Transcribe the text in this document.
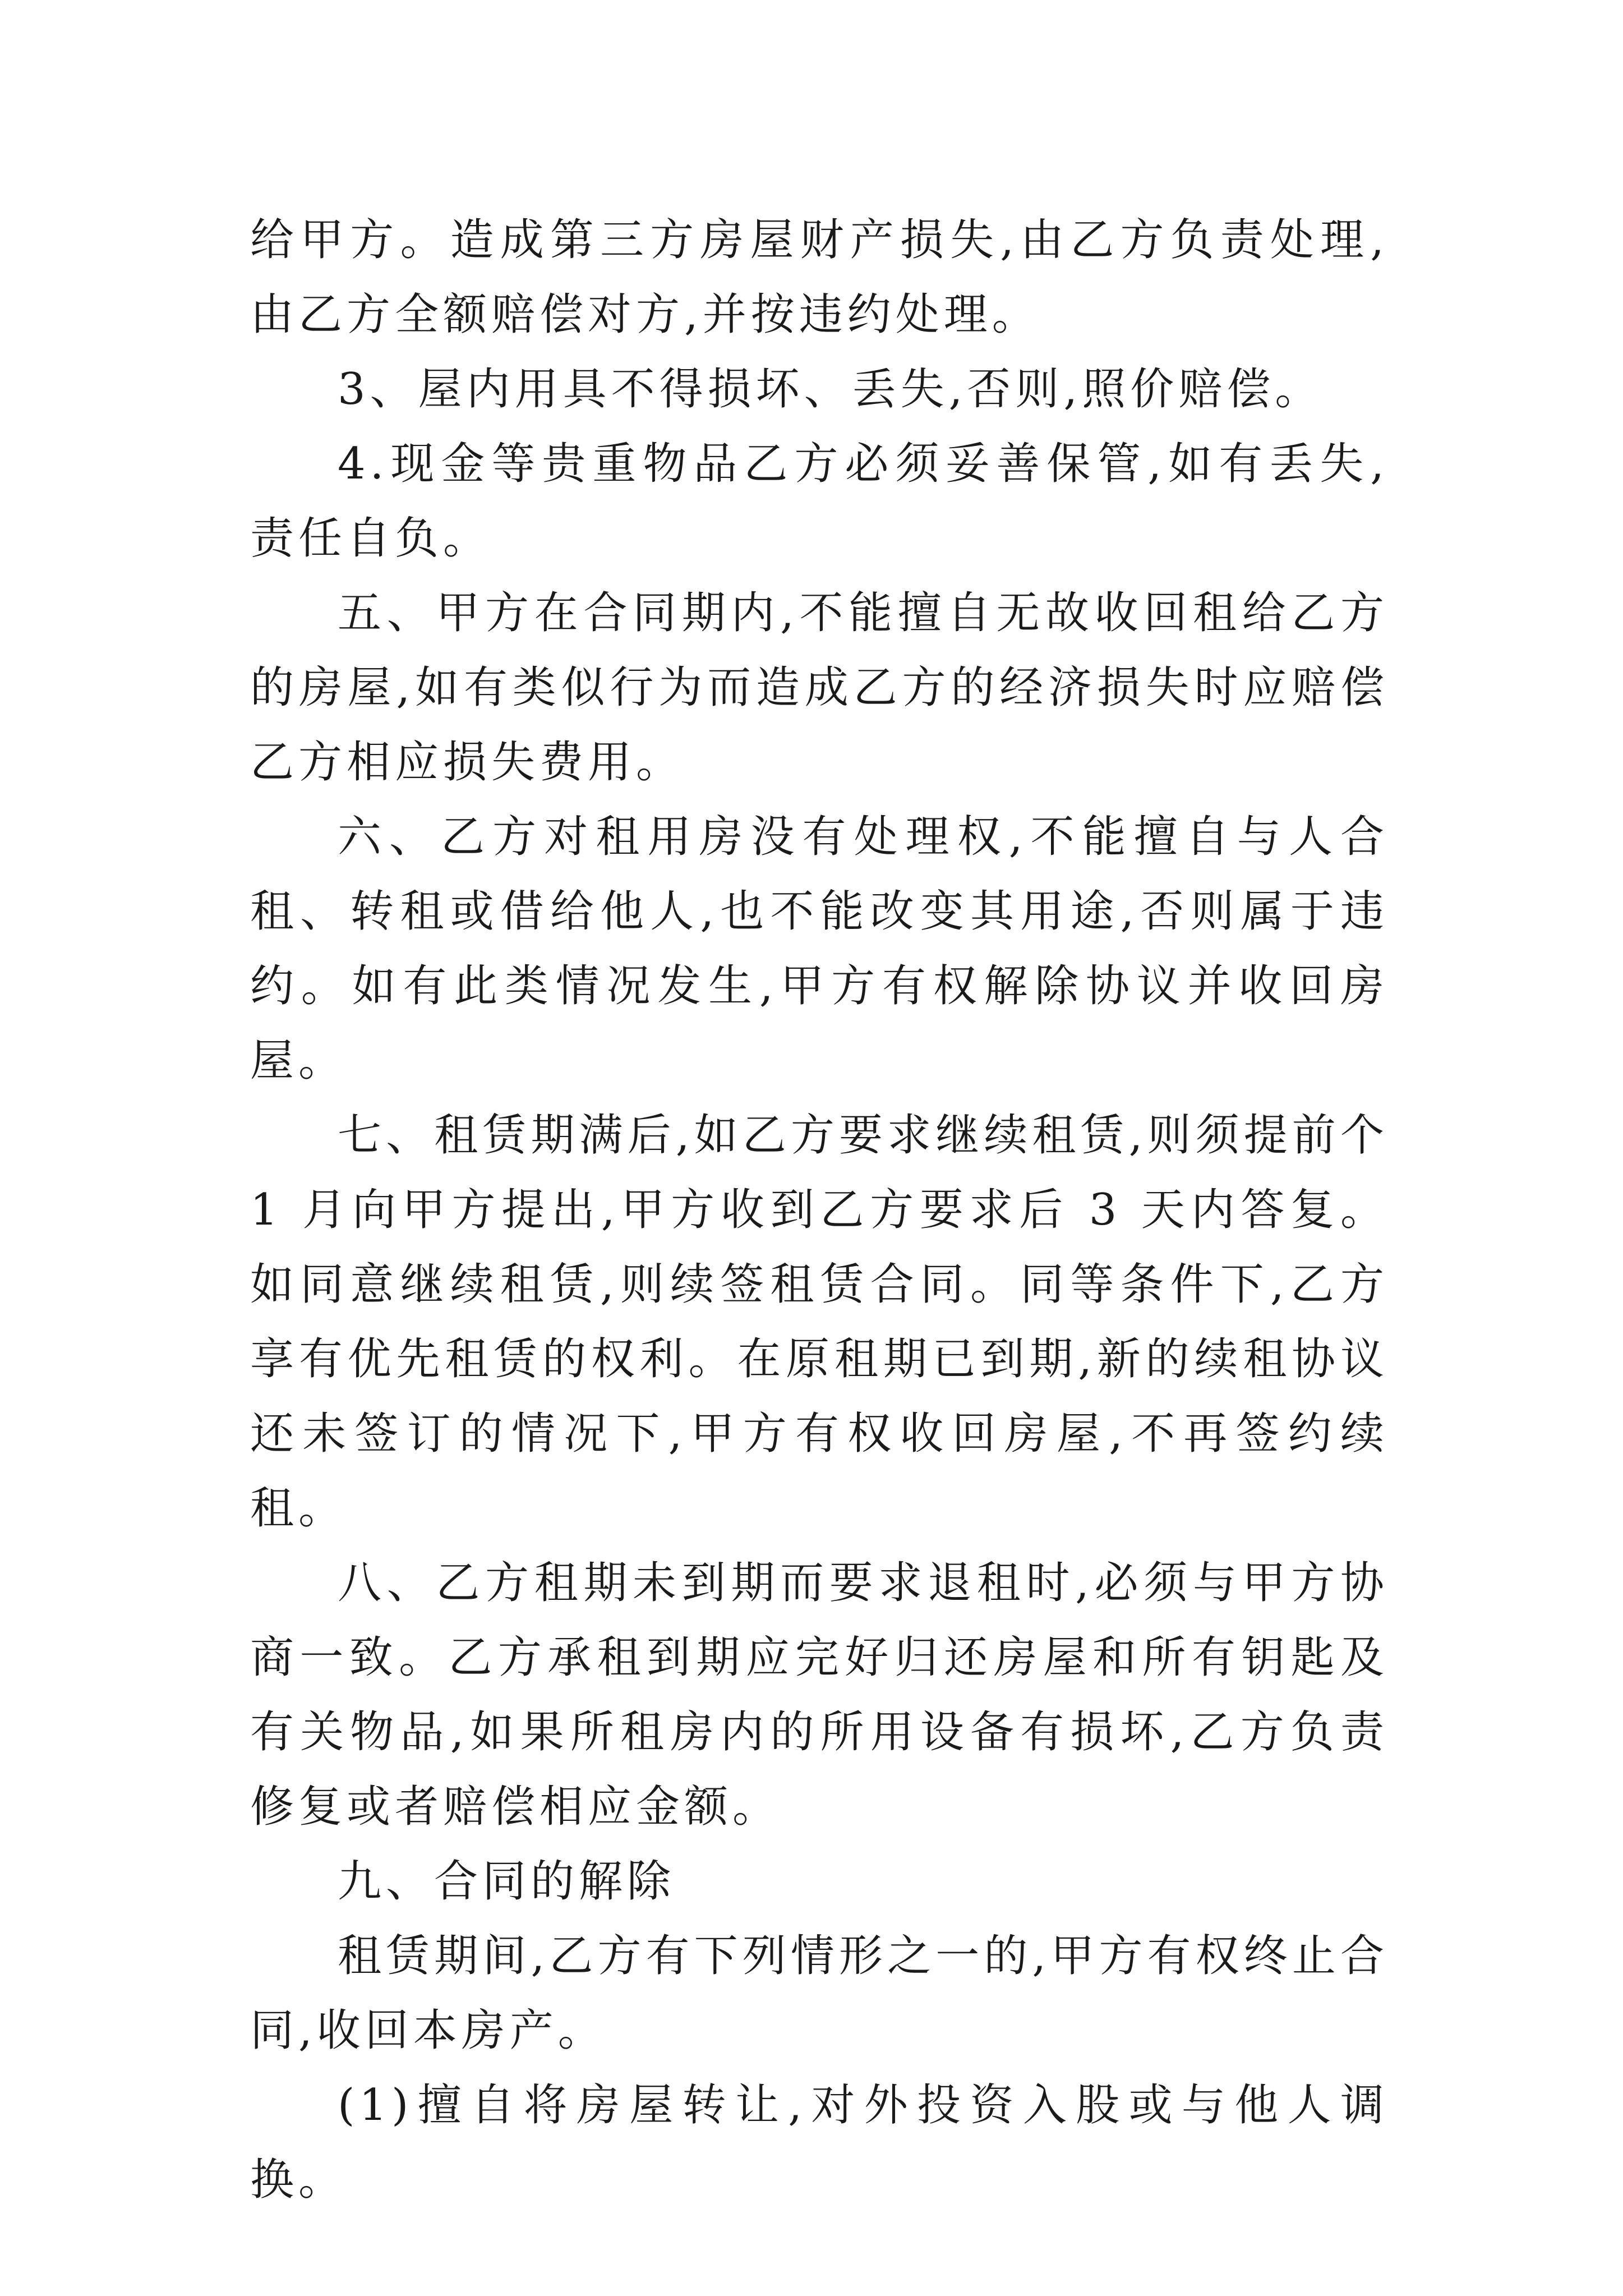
给甲方。造成第三方房屋财产损失,由乙方负责处理,由乙方全额赔偿对方,并按违约处理。

3、屋内用具不得损坏、丢失,否则,照价赔偿。

4.现金等贵重物品乙方必须妥善保管,如有丢失,责任自负。

五、甲方在合同期内,不能擅自无故收回租给乙方的房屋,如有类似行为而造成乙方的经济损失时应赔偿乙方相应损失费用。

六、乙方对租用房没有处理权,不能擅自与人合租、转租或借给他人,也不能改变其用途,否则属于违约。如有此类情况发生,甲方有权解除协议并收回房屋。

七、租赁期满后,如乙方要求继续租赁,则须提前个 1 月向甲方提出,甲方收到乙方要求后 3 天内答复。如同意继续租赁,则续签租赁合同。同等条件下,乙方享有优先租赁的权利。在原租期已到期,新的续租协议还未签订的情况下,甲方有权收回房屋,不再签约续租。

八、乙方租期未到期而要求退租时,必须与甲方协商一致。乙方承租到期应完好归还房屋和所有钥匙及有关物品,如果所租房内的所用设备有损坏,乙方负责修复或者赔偿相应金额。

九、合同的解除

租赁期间,乙方有下列情形之一的,甲方有权终止合同,收回本房产。

(1)擅自将房屋转让,对外投资入股或与他人调换。
